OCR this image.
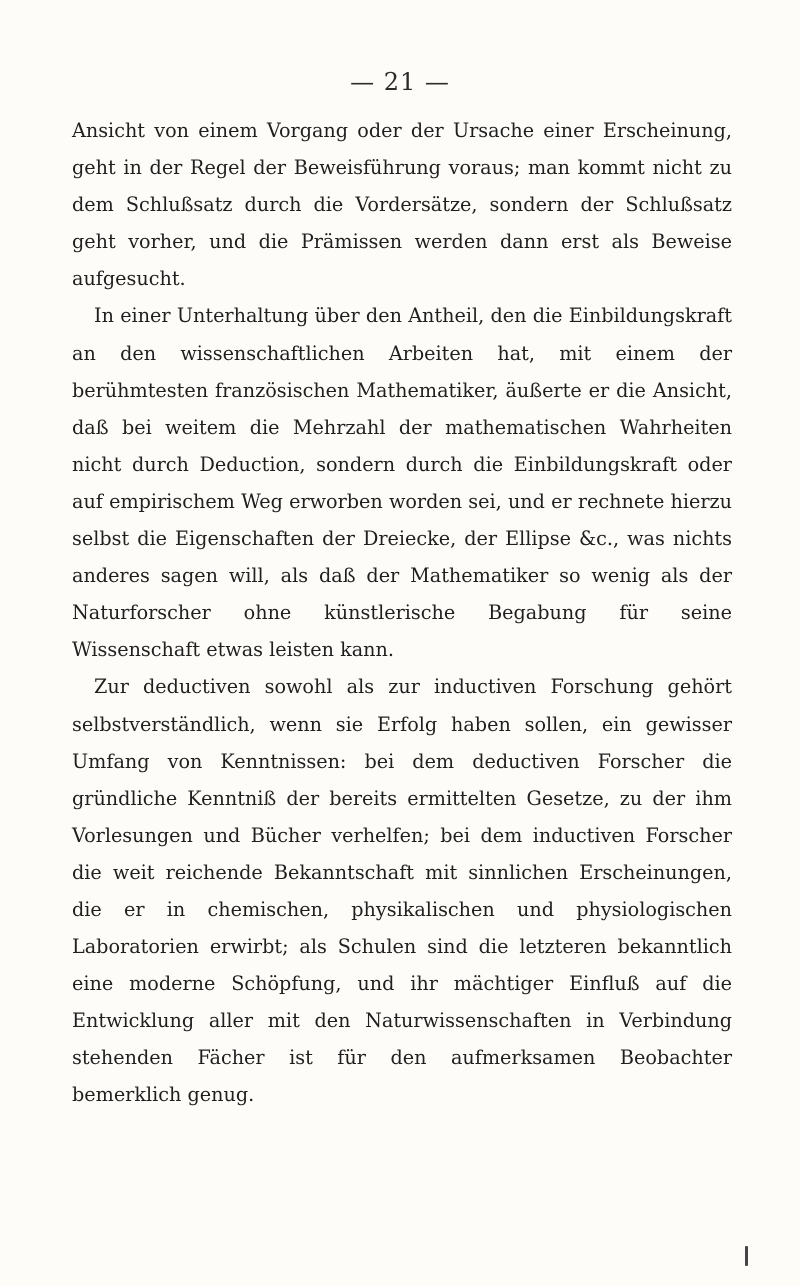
— 21 —

Ansicht von einem Vorgang oder der Ursache einer Erscheinung, geht in der Regel der Beweisführung voraus; man kommt nicht zu dem Schlußsatz durch die Vordersätze, sondern der Schlußsatz geht vorher, und die Prämissen werden dann erst als Beweise aufgesucht.

In einer Unterhaltung über den Antheil, den die Einbildungskraft an den wissenschaftlichen Arbeiten hat, mit einem der berühmtesten französischen Mathematiker, äußerte er die Ansicht, daß bei weitem die Mehrzahl der mathematischen Wahrheiten nicht durch Deduction, sondern durch die Einbildungskraft oder auf empirischem Weg erworben worden sei, und er rechnete hierzu selbst die Eigenschaften der Dreiecke, der Ellipse &c., was nichts anderes sagen will, als daß der Mathematiker so wenig als der Naturforscher ohne künstlerische Begabung für seine Wissenschaft etwas leisten kann.

Zur deductiven sowohl als zur inductiven Forschung gehört selbstverständlich, wenn sie Erfolg haben sollen, ein gewisser Umfang von Kenntnissen: bei dem deductiven Forscher die gründliche Kenntniß der bereits ermittelten Gesetze, zu der ihm Vorlesungen und Bücher verhelfen; bei dem inductiven Forscher die weit reichende Bekanntschaft mit sinnlichen Erscheinungen, die er in chemischen, physikalischen und physiologischen Laboratorien erwirbt; als Schulen sind die letzteren bekanntlich eine moderne Schöpfung, und ihr mächtiger Einfluß auf die Entwicklung aller mit den Naturwissenschaften in Verbindung stehenden Fächer ist für den aufmerksamen Beobachter bemerklich genug.
